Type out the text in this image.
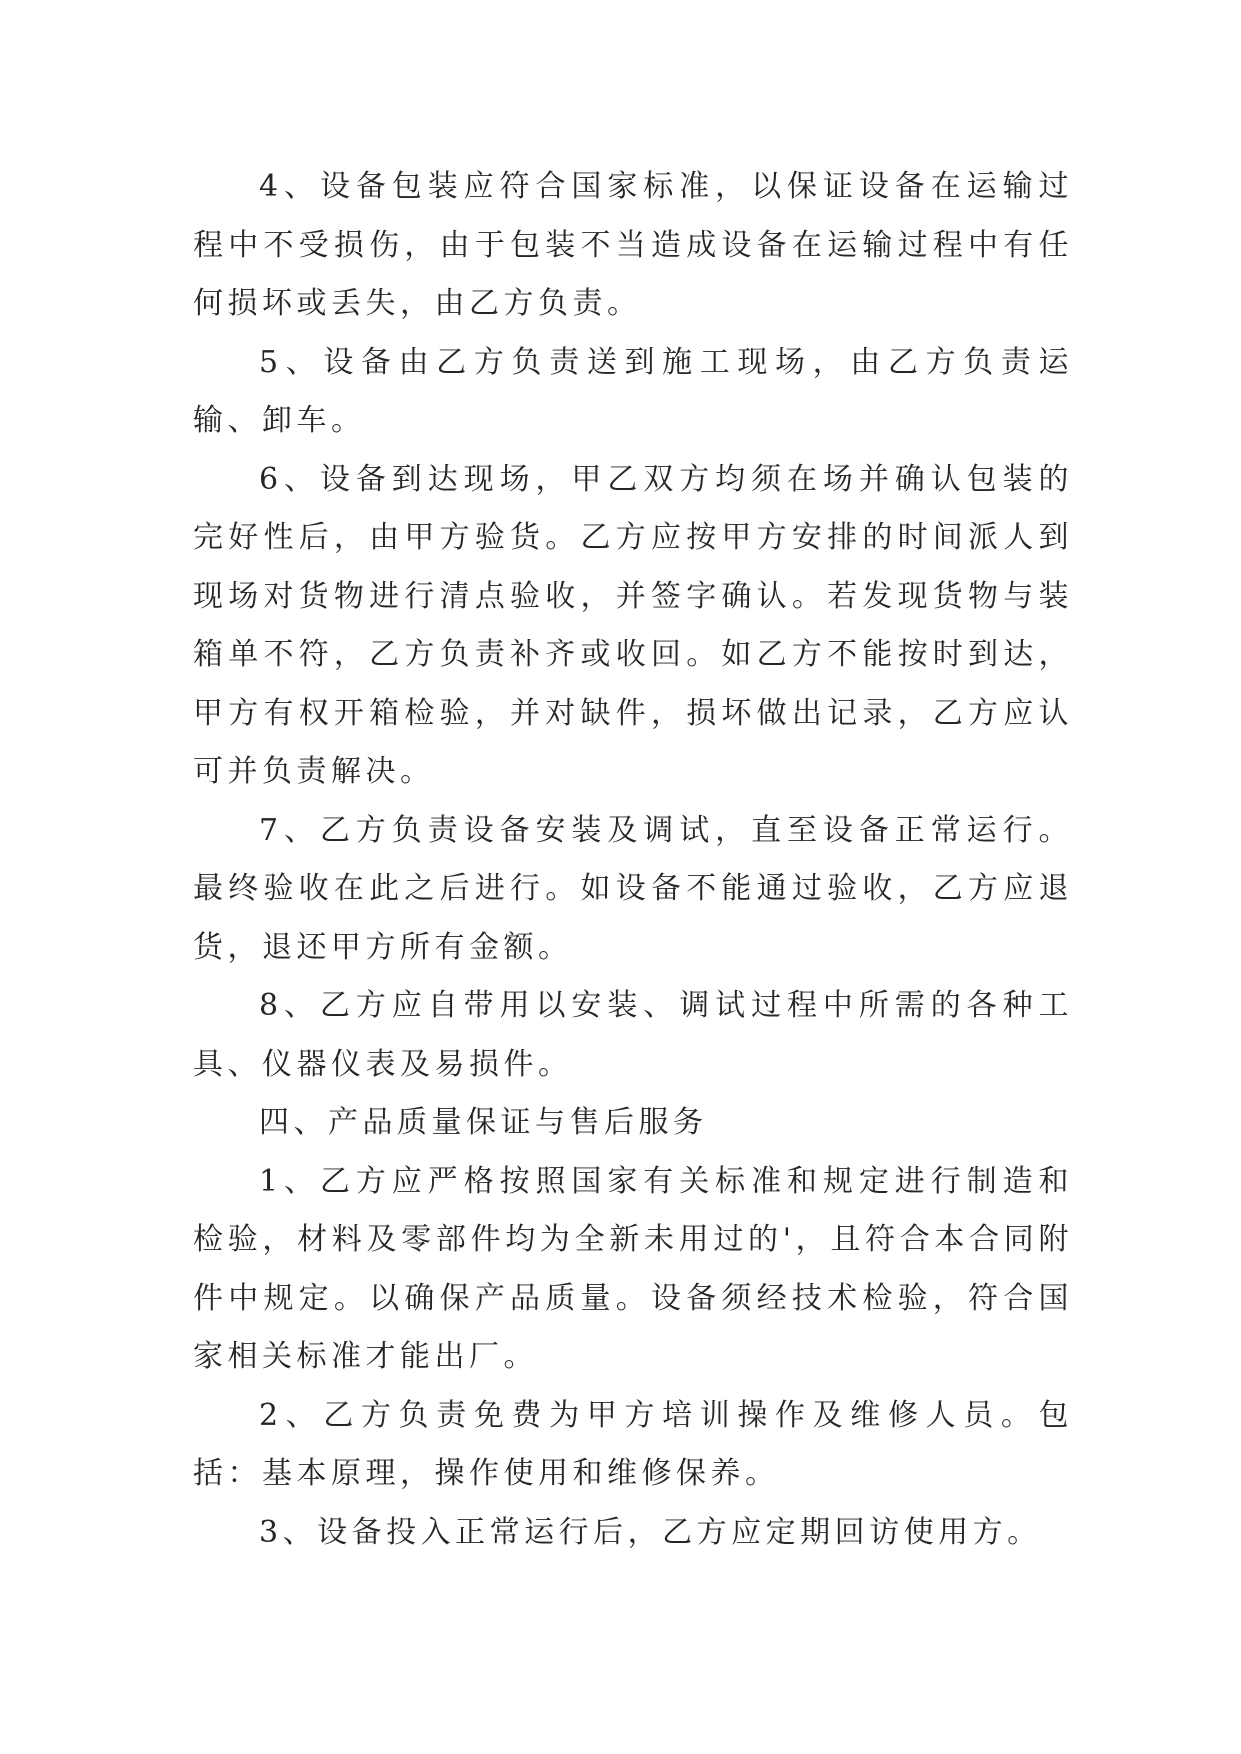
4、设备包装应符合国家标准，以保证设备在运输过程中不受损伤，由于包装不当造成设备在运输过程中有任何损坏或丢失，由乙方负责。

5、设备由乙方负责送到施工现场，由乙方负责运输、卸车。

6、设备到达现场，甲乙双方均须在场并确认包装的完好性后，由甲方验货。乙方应按甲方安排的时间派人到现场对货物进行清点验收，并签字确认。若发现货物与装箱单不符，乙方负责补齐或收回。如乙方不能按时到达，甲方有权开箱检验，并对缺件，损坏做出记录，乙方应认可并负责解决。

7、乙方负责设备安装及调试，直至设备正常运行。最终验收在此之后进行。如设备不能通过验收，乙方应退货，退还甲方所有金额。

8、乙方应自带用以安装、调试过程中所需的各种工具、仪器仪表及易损件。

四、产品质量保证与售后服务

1、乙方应严格按照国家有关标准和规定进行制造和检验，材料及零部件均为全新未用过的'，且符合本合同附件中规定。以确保产品质量。设备须经技术检验，符合国家相关标准才能出厂。

2、乙方负责免费为甲方培训操作及维修人员。包括：基本原理，操作使用和维修保养。

3、设备投入正常运行后，乙方应定期回访使用方。
